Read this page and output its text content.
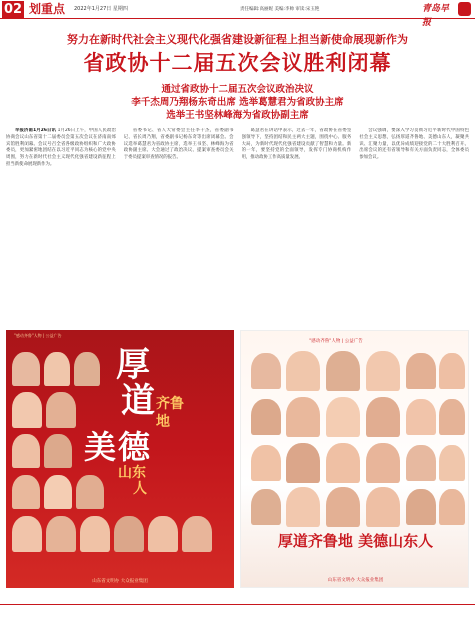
02 划重点 2022年1月27日 星期四	责任编辑:高丽妮 美编:李帅 审读:宋玉艳	青岛早报
努力在新时代社会主义现代化强省建设新征程上担当新使命展现新作为
省政协十二届五次会议胜利闭幕
通过省政协十二届五次会议政治决议
李千杰周乃翔杨东奇出席 选举葛慧君为省政协主席
选举王书坚林峰海为省政协副主席

早报济南1月26日讯 1月26日上午，中国人民政治协商会议山东省第十二届委员会第五次会议在济南南郊宾馆胜利闭幕。会议号召全省各级政协组织和广大政协委员，更加紧密地团结在以习近平同志为核心的党中央周围，努力在新时代社会主义现代化强省建设新征程上担当新使命展现新作为。

省委书记、省人大常委会主任李干杰，省委副书记、省长周乃翔，省委副书记杨东奇等出席闭幕会。会议选举葛慧君为省政协主席，选举王书坚、林峰海为省政协副主席。大会通过了政治决议、提案审查委员会关于委员提案审查情况的报告。

葛慧君在讲话中表示，过去一年，省政协在省委坚强领导下，坚持团结和民主两大主题，围绕中心、服务大局，为新时代现代化强省建设贡献了智慧和力量。新的一年，要坚持党的全面领导，发挥专门协商机构作用，推动政协工作高质量发展。

会议强调，要深入学习贯彻习近平新时代中国特色社会主义思想，弘扬厚道齐鲁地、美德山东人，凝聚共识、汇聚力量，以优异成绩迎接党的二十大胜利召开。出席会议的还有省领导和有关方面负责同志，全体委员参加会议。

"感动齐鲁"人物 | 公益广告
厚
道 齐鲁
地
美
山东
人
德
山东省文明办 大众报业集团
"感动齐鲁"人物 | 公益广告
厚道齐鲁地 美德山东人
山东省文明办 大众报业集团
